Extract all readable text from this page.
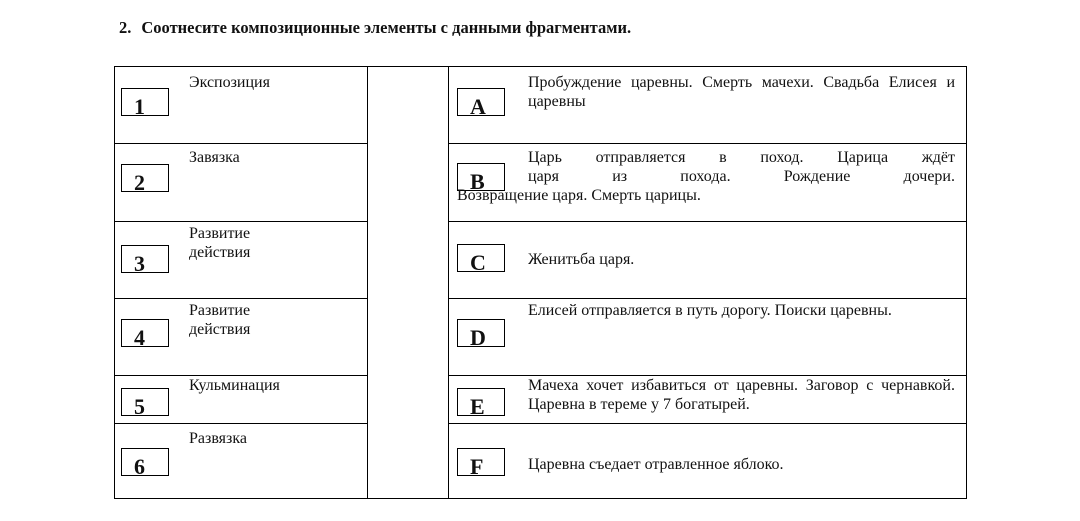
2. Соотнесите композиционные элементы с данными фрагментами.
1
Экспозиция
2
Завязка
3
Развитие действия
4
Развитие действия
5
Кульминация
6
Развязка
A
Пробуждение царевны. Смерть мачехи. Свадьба Елисея и царевны
B
Царь отправляется в поход. Царица ждёт
царя из похода. Рождение дочери.
Возвращение царя. Смерть царицы.
C	Женитьба царя.
D
Елисей отправляется в путь дорогу. Поиски царевны.
E
Мачеха хочет избавиться от царевны. Заговор с чернавкой. Царевна в тереме у 7 богатырей.
F	Царевна съедает отравленное яблоко.
